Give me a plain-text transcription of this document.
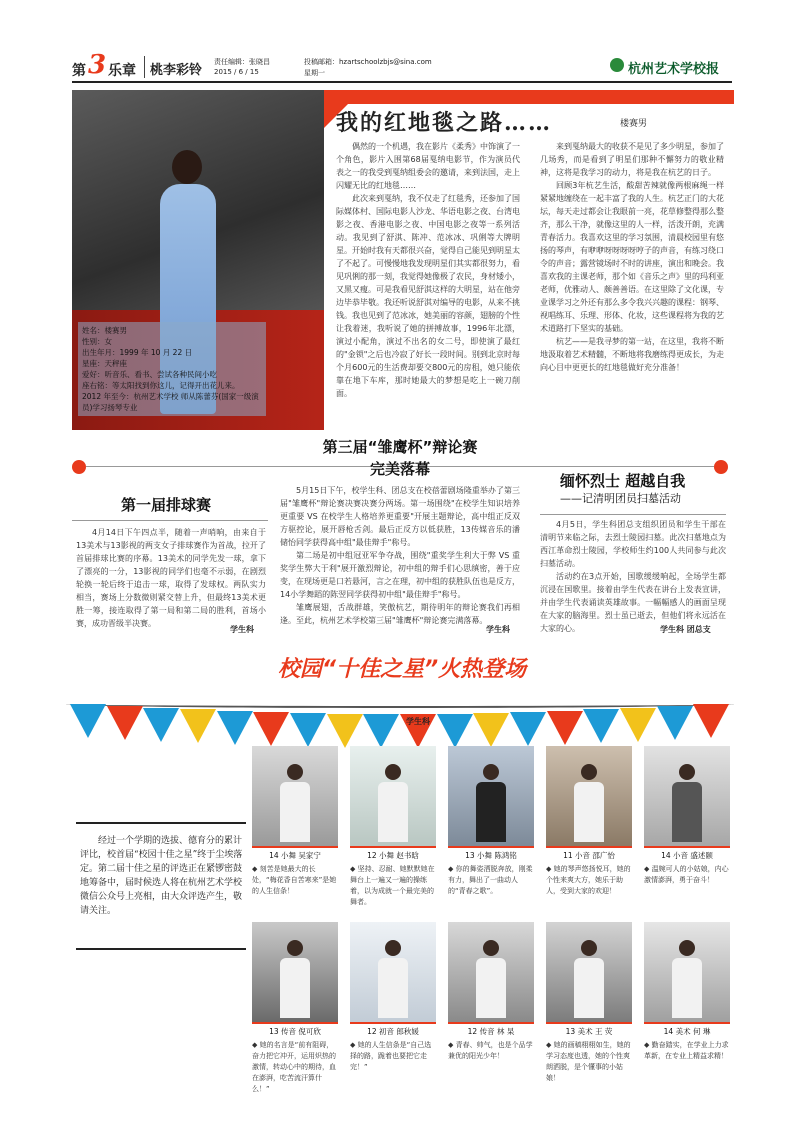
第 3 乐章 桃李彩铃
责任编辑：张晓昌
2015 / 6 / 15
投稿邮箱：hzartschoolzbjs@sina.com
星期一	杭州艺术学校报
姓名：楼赛男
性别：女
出生年月：1999 年 10 月 22 日
星座：天秤座
爱好：听音乐、看书、尝试各种民间小吃
座右铭：等太阳找到你这儿，记得开出花儿来。
2012 年至今：杭州艺术学校 师从陈蕾芬(国家一级演员)学习扬琴专业
我的红地毯之路……	楼赛男
偶然的一个机遇，我在影片《柔秀》中饰演了一个角色，影片入围第68届戛纳电影节，作为演员代表之一的我受到戛纳组委会的邀请，来到法国，走上闪耀无比的红地毯……
此次来到戛纳，我不仅走了红毯秀，还参加了国际媒体村、国际电影人沙龙、华语电影之夜、台湾电影之夜、香港电影之夜、中国电影之夜等一系列活动。我见到了舒淇、陈冲、范冰冰、巩俐等大牌明星。开始时我有天都很兴奋，觉得自己能见到明星太了不起了。可慢慢地我发现明星们其实都很努力，看见巩俐的那一刻，我觉得她像极了农民，身材矮小，又黑又瘦。可是我看见舒淇这样的大明星，站在他旁边毕恭毕敬。我还听说舒淇对编导的电影，从来不挑钱。我也见到了范冰冰，她美丽的容颜，翅膀的个性让我着迷，我听说了她的拼搏故事，1996年北漂，演过小配角，演过不出名的女二号，即使演了最红的"金锁"之后也冷寂了好长一段时间。别到北京时每个月600元的生活费却要交800元的房租，她只能依靠在地下车库，那时她最大的梦想是吃上一碗刀削面。
来到戛纳最大的收获不是见了多少明星，参加了几场秀，而是看到了明星们那种不懈努力的敬业精神，这将是我学习的动力，将是我在杭艺的日子。
回顾3年杭艺生活，酸甜苦辣就像两根麻绳一样紧紧地缠绕在一起丰富了我的人生。杭艺正门的大花坛，每天走过都会让我眼前一亮，花草修整得那么整齐，那么干净，就像这里的人一样，活泼开朗，充满青春活力。我喜欢这里的学习氛围，清晨校园里有悠扬的琴声，有咿咿呀呀呀呀哼子的声音，有练习绕口令的声音；露营镜场时不时的讲座，演出和晚会。我喜欢我的主课老师，那个如《音乐之声》里的玛利亚老师，优雅动人、颇善善语。在这里除了文化课，专业课学习之外还有那么多令我兴兴趣的课程：钢琴、视唱练耳、乐理、形体、化妆，这些课程将为我的艺术道路打下坚实的基础。
杭艺——是我寻梦的第一站，在这里，我将不断地汲取着艺术精髓，不断地将我磨练得更成长，为走向心目中更更长的红地毯做好充分准备！
第三届“雏鹰杯”辩论赛
完美落幕
5月15日下午，校学生科、团总支在校蓓蕾剧场隆重举办了第三届"雏鹰杯"辩论赛决赛决赛分两场。第一场围绕"在校学生知识培养更重要 VS 在校学生人格培养更重要"开展主题辩论，高中组正反双方驱控论，展开唇枪舌剑。最后正反方以低获胜，13传媒音乐的潘储怡同学获得高中组"最佳辩手"称号。
第二场是初中组冠亚军争夺战，围绕"重奖学生利大于弊 VS 重奖学生弊大于利"展开激烈辩论，初中组的辩手们心思缜密，善于应变，在现场更是口若悬河，言之在理，初中组的获胜队伍也是反方，14小学舞蹈的陈翌同学获得初中组"最佳辩手"称号。
雏鹰展翅，舌战群雄，笑傲杭艺，期待明年的辩论赛我们再相逢。至此，杭州艺术学校第三届"雏鹰杯"辩论赛完满落幕。
学生科
第一届排球赛
4月14日下午四点半，随着一声哨响，由来自于13美术与13影视的两支女子排球赛作为首战，拉开了首届排球比赛的序幕。13美术的同学先发一球，拿下了漂亮的一分，13影视的同学们也毫不示弱，在剧烈轮换一轮后终于追击一球，取得了发球权。两队实力相当，赛场上分数微则紧交替上升，但最终13美术更胜一筹，接连取得了第一局和第二局的胜利，首场小赛，成功晋级半决赛。
学生科
缅怀烈士 超越自我
——记清明团员扫墓活动
4月5日，学生科团总支组织团员和学生干部在清明节来临之际，去烈士陵园扫墓。此次扫墓地点为西江革命烈士陵园，学校师生约100人共同参与此次扫墓活动。
活动约在3点开始，国歌缓缓响起，全场学生都沉浸在国歌里。接着由学生代表在讲台上发表宣讲，并由学生代表诵读英雄故事。一幅幅感人的画面呈现在大家的脑海里。烈士虽已逝去，但他们将永远活在大家的心。	学生科 团总支
校园“十佳之星”火热登场
学生科
经过一个学期的选拔、德育分的累计评比，校首届“校园十佳之星”终于尘埃落定。第二届十佳之星的评选正在紧锣密鼓地筹备中，届时候选人将在杭州艺术学校微信公众号上亮相，由大众评选产生，敬请关注。
14 小舞 吴家宁
◆ 刻苦是她最大的长处，“梅花香自苦寒来”是她的人生信条！
12 小舞 赵书晗
◆ 坚持、忍耐、她默默她在舞台上一遍又一遍的操练着，以为成就一个最完美的舞者。
13 小舞 陈鸿铭
◆ 你的舞姿洒脱奔放，刚柔有力，舞出了一曲动人的“青春之歌”。
11 小音 邵广怡
◆ 她的琴声悠扬悦耳，她的个性来爽大方，她乐于助人，受到大家的欢迎！
14 小音 盛述颐
◆ 温婉可人的小姑娘，内心激情澎湃，勇于奋斗！
13 传音 倪可欣
◆ 她的名言是“前有阻碍，奋力把它冲开，运用炽热的激情，转动心中的期待，血在澎湃，吃苦流汗算什么！”
12 初音 郎秋媛
◆ 她的人生信条是“自己选择的路，跪着也要把它走完！”
12 传音 林 杲
◆ 青春、帅气，也是个品学兼优的阳光少年！
13 美术 王 荧
◆ 她的画稿栩栩如生，她的学习态度也透，她的个性爽朗洒脱，是个懂事的小姑娘！
14 美术 何 琳
◆ 勤奋踏实，在学业上力求革新，在专业上精益求精！
